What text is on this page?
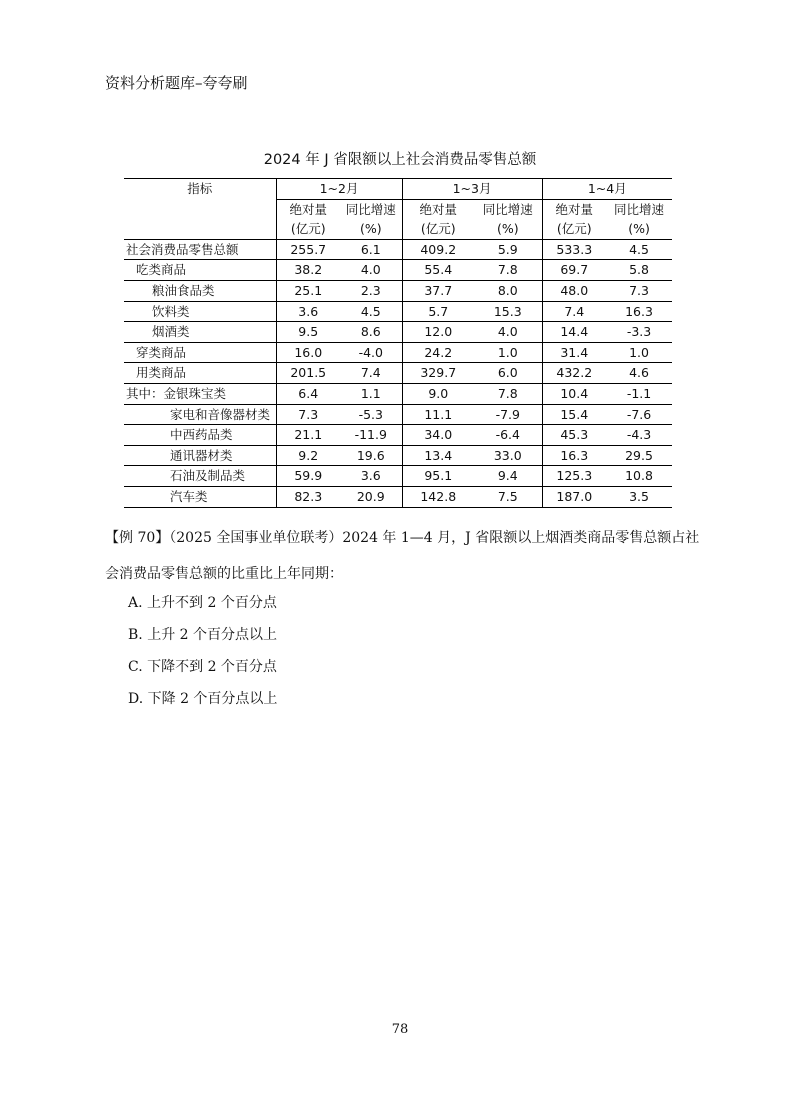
资料分析题库–夸夸刷
2024 年 J 省限额以上社会消费品零售总额
指标	1~2月		1~3月		1~4月	
	绝对量	同比增速	绝对量	同比增速	绝对量	同比增速
	(亿元)	(%)	(亿元)	(%)	(亿元)	(%)
社会消费品零售总额	255.7	6.1	409.2	5.9	533.3	4.5
吃类商品	38.2	4.0	55.4	7.8	69.7	5.8
粮油食品类	25.1	2.3	37.7	8.0	48.0	7.3
饮料类	3.6	4.5	5.7	15.3	7.4	16.3
烟酒类	9.5	8.6	12.0	4.0	14.4	-3.3
穿类商品	16.0	-4.0	24.2	1.0	31.4	1.0
用类商品	201.5	7.4	329.7	6.0	432.2	4.6
其中：金银珠宝类	6.4	1.1	9.0	7.8	10.4	-1.1
家电和音像器材类	7.3	-5.3	11.1	-7.9	15.4	-7.6
中西药品类	21.1	-11.9	34.0	-6.4	45.3	-4.3
通讯器材类	9.2	19.6	13.4	33.0	16.3	29.5
石油及制品类	59.9	3.6	95.1	9.4	125.3	10.8
汽车类	82.3	20.9	142.8	7.5	187.0	3.5
【例 70】（2025 全国事业单位联考）2024 年 1—4 月，J 省限额以上烟酒类商品零售总额占社会消费品零售总额的比重比上年同期：
A. 上升不到 2 个百分点
B. 上升 2 个百分点以上
C. 下降不到 2 个百分点
D. 下降 2 个百分点以上
78
